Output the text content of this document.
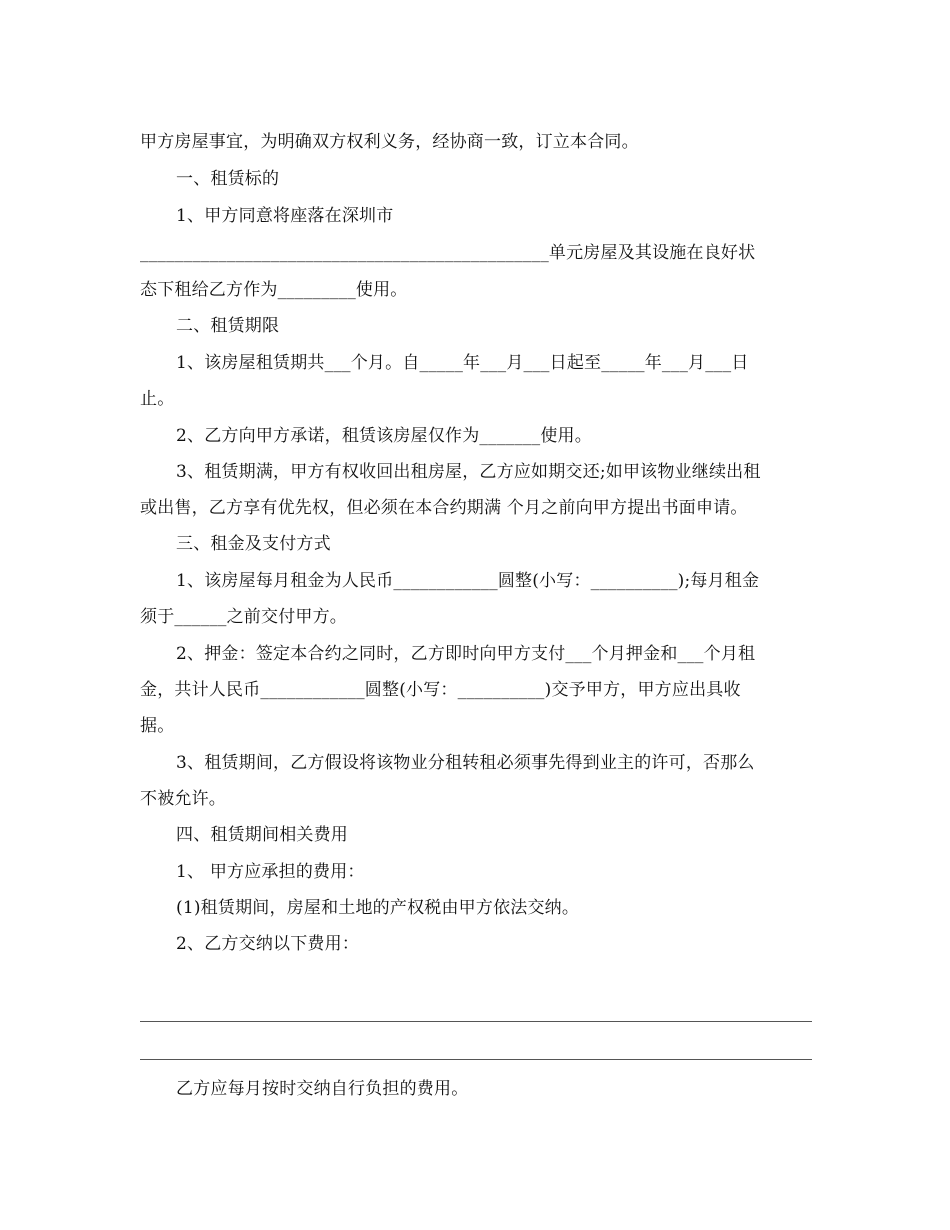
甲方房屋事宜，为明确双方权利义务，经协商一致，订立本合同。
一、租赁标的
1、甲方同意将座落在深圳市
_______________________________________________单元房屋及其设施在良好状
态下租给乙方作为_________使用。
二、租赁期限
1、该房屋租赁期共___个月。自_____年___月___日起至_____年___月___日
止。
2、乙方向甲方承诺，租赁该房屋仅作为_______使用。
3、租赁期满，甲方有权收回出租房屋，乙方应如期交还;如甲该物业继续出租
或出售，乙方享有优先权，但必须在本合约期满 个月之前向甲方提出书面申请。
三、租金及支付方式
1、该房屋每月租金为人民币____________圆整(小写：__________);每月租金
须于______之前交付甲方。
2、押金：签定本合约之同时，乙方即时向甲方支付___个月押金和___个月租
金，共计人民币____________圆整(小写：__________)交予甲方，甲方应出具收
据。
3、租赁期间，乙方假设将该物业分租转租必须事先得到业主的许可，否那么
不被允许。
四、租赁期间相关费用
1、 甲方应承担的费用：
(1)租赁期间，房屋和土地的产权税由甲方依法交纳。
2、乙方交纳以下费用：
乙方应每月按时交纳自行负担的费用。
